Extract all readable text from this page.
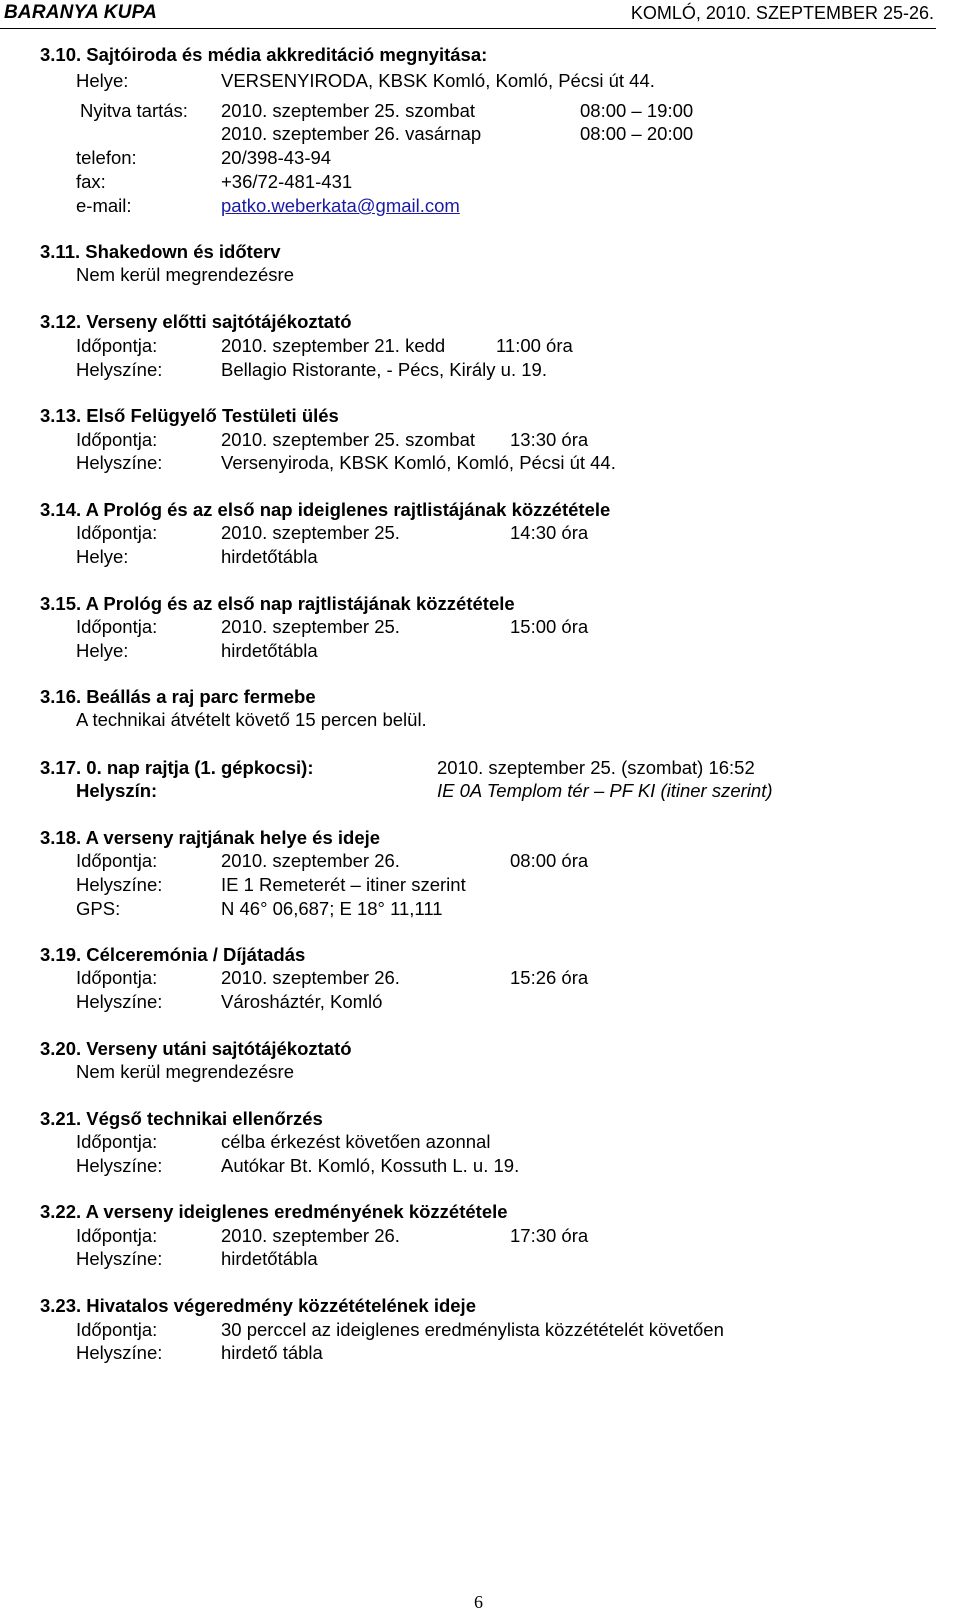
BARANYA KUPA	KOMLÓ, 2010. SZEPTEMBER 25-26.
3.10. Sajtóiroda és média akkreditáció megnyitása:
Helye:	VERSENYIRODA, KBSK Komló, Komló, Pécsi út 44.
Nyitva tartás: 2010. szeptember 25. szombat	08:00 – 19:00
2010. szeptember 26. vasárnap	08:00 – 20:00
telefon:	20/398-43-94
fax:	+36/72-481-431
e-mail:	patko.weberkata@gmail.com
3.11. Shakedown és időterv
Nem kerül megrendezésre
3.12. Verseny előtti sajtótájékoztató
Időpontja:	2010. szeptember 21. kedd	11:00 óra
Helyszíne:	Bellagio Ristorante, - Pécs, Király u. 19.
3.13. Első Felügyelő Testületi ülés
Időpontja:	2010. szeptember 25. szombat 13:30 óra
Helyszíne:	Versenyiroda, KBSK Komló, Komló, Pécsi út 44.
3.14. A Prológ és az első nap ideiglenes rajtlistájának közzététele
Időpontja:	2010. szeptember 25.	14:30 óra
Helye:	hirdetőtábla
3.15. A Prológ és az első nap rajtlistájának közzététele
Időpontja:	2010. szeptember 25.	15:00 óra
Helye:	hirdetőtábla
3.16. Beállás a raj parc fermebe
A technikai átvételt követő 15 percen belül.
3.17. 0. nap rajtja (1. gépkocsi):	2010. szeptember 25. (szombat) 16:52
Helyszín:	IE 0A Templom tér – PF KI (itiner szerint)
3.18. A verseny rajtjának helye és ideje
Időpontja:	2010. szeptember 26.	08:00 óra
Helyszíne:	IE 1 Remeterét – itiner szerint
GPS:	N 46° 06,687; E 18° 11,111
3.19. Célceremónia / Díjátadás
Időpontja:	2010. szeptember 26.	15:26 óra
Helyszíne:	Városháztér, Komló
3.20. Verseny utáni sajtótájékoztató
Nem kerül megrendezésre
3.21. Végső technikai ellenőrzés
Időpontja:	célba érkezést követően azonnal
Helyszíne:	Autókar Bt. Komló, Kossuth L. u. 19.
3.22. A verseny ideiglenes eredményének közzététele
Időpontja:	2010. szeptember 26.	17:30 óra
Helyszíne:	hirdetőtábla
3.23. Hivatalos végeredmény közzétételének ideje
Időpontja:	30 perccel az ideiglenes eredménylista közzétételét követően
Helyszíne:	hirdető tábla
6
